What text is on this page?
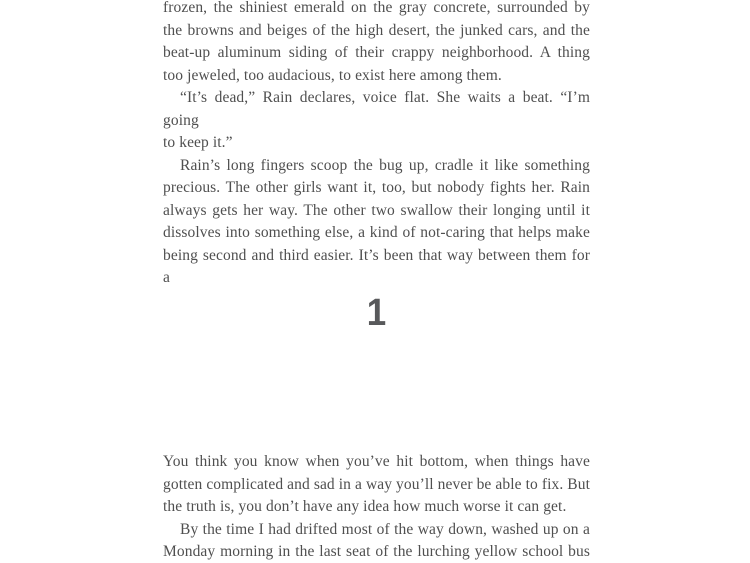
frozen, the shiniest emerald on the gray concrete, surrounded by
the browns and beiges of the high desert, the junked cars, and the
beat-up aluminum siding of their crappy neighborhood. A thing
too jeweled, too audacious, to exist here among them.
“It’s dead,” Rain declares, voice flat. She waits a beat. “I’m going
to keep it.”
Rain’s long fingers scoop the bug up, cradle it like something
precious. The other girls want it, too, but nobody fights her. Rain
always gets her way. The other two swallow their longing until it
dissolves into something else, a kind of not-caring that helps make
being second and third easier. It’s been that way between them for a
1
You think you know when you’ve hit bottom, when things have
gotten complicated and sad in a way you’ll never be able to fix. But
the truth is, you don’t have any idea how much worse it can get.
By the time I had drifted most of the way down, washed up on a
Monday morning in the last seat of the lurching yellow school bus
